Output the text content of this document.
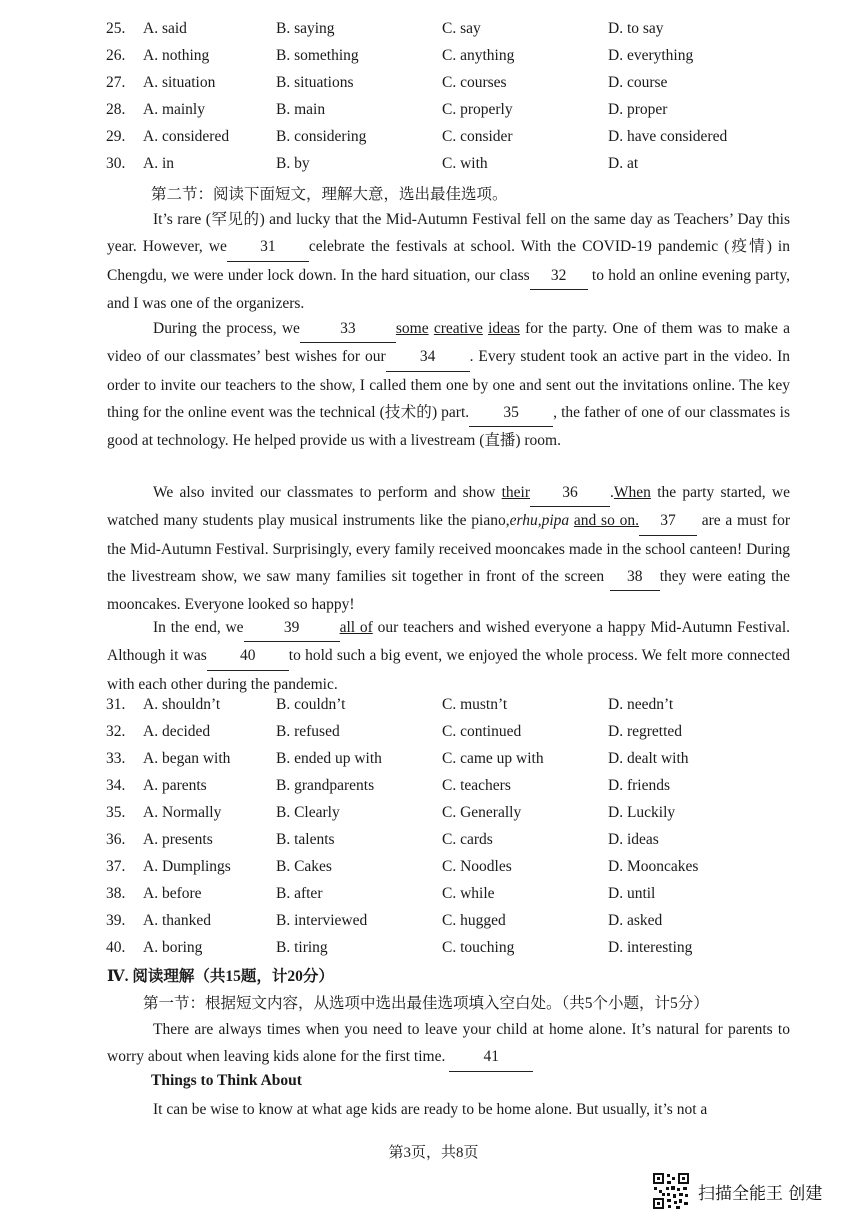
25. A. said	B. saying	C. say	D. to say
26. A. nothing	B. something	C. anything	D. everything
27. A. situation	B. situations	C. courses	D. course
28. A. mainly	B. main	C. properly	D. proper
29. A. considered	B. considering	C. consider	D. have considered
30. A. in	B. by	C. with	D. at
第二节：阅读下面短文，理解大意，选出最佳选项。
It’s rare (罕见的) and lucky that the Mid-Autumn Festival fell on the same day as Teachers’ Day this year. However, we 31 celebrate the festivals at school. With the COVID-19 pandemic (疫情) in Chengdu, we were under lock down. In the hard situation, our class 32 to hold an online evening party, and I was one of the organizers.
During the process, we	33	some creative ideas for the party. One of them was to make a video of our classmates’ best wishes for our 34 . Every student took an active part in the video. In order to invite our teachers to the show, I called them one by one and sent out the invitations online. The key thing for the online event was the technical (技术的) part. 35 , the father of one of our classmates is good at technology. He helped provide us with a livestream (直播) room.
We also invited our classmates to perform and show their 36 .When the party started, we watched many students play musical instruments like the piano,erhu,pipa and so on. 37 are a must for the Mid-Autumn Festival. Surprisingly, every family received mooncakes made in the school canteen! During the livestream show, we saw many families sit together in front of the screen 38 they were eating the mooncakes. Everyone looked so happy!
In the end, we	39	all of our teachers and wished everyone a happy Mid-Autumn Festival. Although it was 40 to hold such a big event, we enjoyed the whole process. We felt more connected with each other during the pandemic.
31. A. shouldn’t	B. couldn’t	C. mustn’t	D. needn’t
32. A. decided	B. refused	C. continued	D. regretted
33. A. began with	B. ended up with	C. came up with	D. dealt with
34. A. parents	B. grandparents	C. teachers	D. friends
35. A. Normally	B. Clearly	C. Generally	D. Luckily
36. A. presents	B. talents	C. cards	D. ideas
37. A. Dumplings	B. Cakes	C. Noodles	D. Mooncakes
38. A. before	B. after	C. while	D. until
39. A. thanked	B. interviewed	C. hugged	D. asked
40. A. boring	B. tiring	C. touching	D. interesting
Ⅳ. 阅读理解（共15题，计20分）
第一节：根据短文内容，从选项中选出最佳选项填入空白处。（共5个小题，计5分）
There are always times when you need to leave your child at home alone. It’s natural for parents to worry about when leaving kids alone for the first time. 41
Things to Think About
It can be wise to know at what age kids are ready to be home alone. But usually, it’s not a
第3页，共8页
扫描全能王 创建
